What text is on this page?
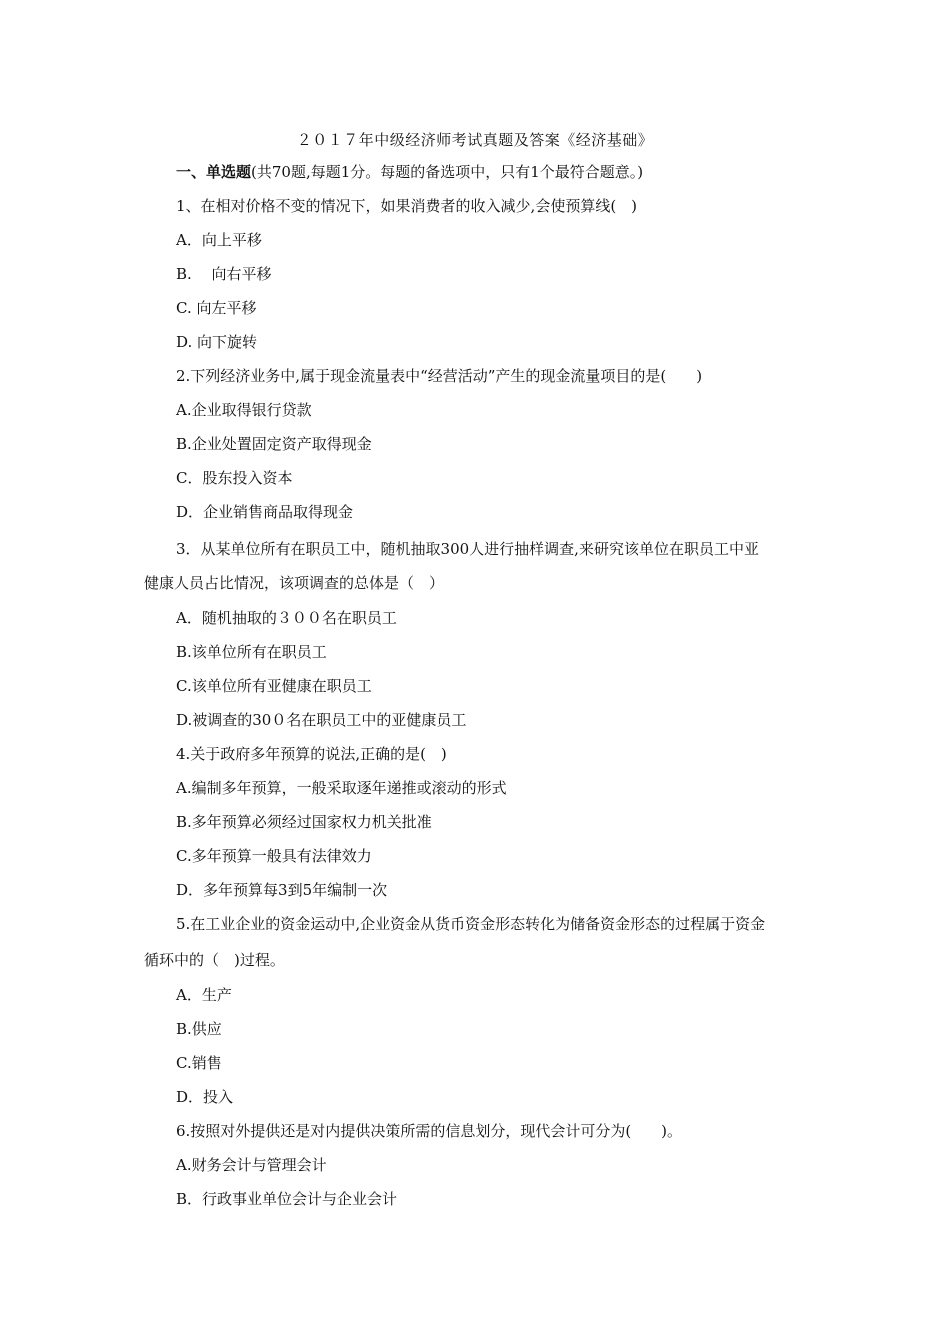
２０１７年中级经济师考试真题及答案《经济基础》
一、单选题(共70题,每题1分。每题的备选项中，只有1个最符合题意。)
1、在相对价格不变的情况下，如果消费者的收入减少,会使预算线(　)
A．向上平移
B.　 向右平移
C. 向左平移
D. 向下旋转
2.下列经济业务中,属于现金流量表中“经营活动”产生的现金流量项目的是(　　)
A.企业取得银行贷款
B.企业处置固定资产取得现金
C．股东投入资本
D．企业销售商品取得现金
3．从某单位所有在职员工中，随机抽取300人进行抽样调查,来研究该单位在职员工中亚
健康人员占比情况，该项调查的总体是（　）
A．随机抽取的３００名在职员工
B.该单位所有在职员工
C.该单位所有亚健康在职员工
D.被调查的30０名在职员工中的亚健康员工
4.关于政府多年预算的说法,正确的是(　)
A.编制多年预算，一般采取逐年递推或滚动的形式
B.多年预算必须经过国家权力机关批准
C.多年预算一般具有法律效力
D．多年预算每3到5年编制一次
5.在工业企业的资金运动中,企业资金从货币资金形态转化为储备资金形态的过程属于资金
循环中的（　)过程。
A．生产
B.供应
C.销售
D．投入
6.按照对外提供还是对内提供决策所需的信息划分，现代会计可分为(　　)。
A.财务会计与管理会计
B．行政事业单位会计与企业会计
